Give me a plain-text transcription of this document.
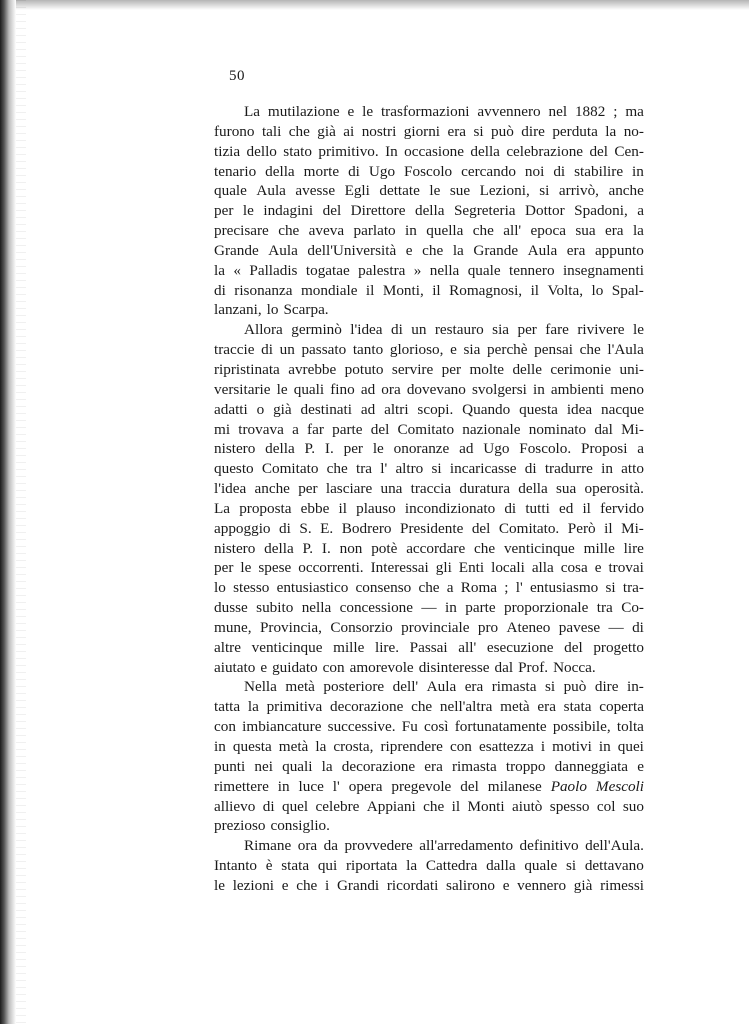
50
La mutilazione e le trasformazioni avvennero nel 1882 ; ma
furono tali che già ai nostri giorni era si può dire perduta la no-
tizia dello stato primitivo. In occasione della celebrazione del Cen-
tenario della morte di Ugo Foscolo cercando noi di stabilire in
quale Aula avesse Egli dettate le sue Lezioni, si arrivò, anche
per le indagini del Direttore della Segreteria Dottor Spadoni, a
precisare che aveva parlato in quella che all' epoca sua era la
Grande Aula dell'Università e che la Grande Aula era appunto
la « Palladis togatae palestra » nella quale tennero insegnamenti
di risonanza mondiale il Monti, il Romagnosi, il Volta, lo Spal-
lanzani, lo Scarpa.
Allora germinò l'idea di un restauro sia per fare rivivere le
traccie di un passato tanto glorioso, e sia perchè pensai che l'Aula
ripristinata avrebbe potuto servire per molte delle cerimonie uni-
versitarie le quali fino ad ora dovevano svolgersi in ambienti meno
adatti o già destinati ad altri scopi. Quando questa idea nacque
mi trovava a far parte del Comitato nazionale nominato dal Mi-
nistero della P. I. per le onoranze ad Ugo Foscolo. Proposi a
questo Comitato che tra l' altro si incaricasse di tradurre in atto
l'idea anche per lasciare una traccia duratura della sua operosità.
La proposta ebbe il plauso incondizionato di tutti ed il fervido
appoggio di S. E. Bodrero Presidente del Comitato. Però il Mi-
nistero della P. I. non potè accordare che venticinque mille lire
per le spese occorrenti. Interessai gli Enti locali alla cosa e trovai
lo stesso entusiastico consenso che a Roma ; l' entusiasmo si tra-
dusse subito nella concessione — in parte proporzionale tra Co-
mune, Provincia, Consorzio provinciale pro Ateneo pavese — di
altre venticinque mille lire. Passai all' esecuzione del progetto
aiutato e guidato con amorevole disinteresse dal Prof. Nocca.
Nella metà posteriore dell' Aula era rimasta si può dire in-
tatta la primitiva decorazione che nell'altra metà era stata coperta
con imbiancature successive. Fu così fortunatamente possibile, tolta
in questa metà la crosta, riprendere con esattezza i motivi in quei
punti nei quali la decorazione era rimasta troppo danneggiata e
rimettere in luce l' opera pregevole del milanese Paolo Mescoli
allievo di quel celebre Appiani che il Monti aiutò spesso col suo
prezioso consiglio.
Rimane ora da provvedere all'arredamento definitivo dell'Aula.
Intanto è stata qui riportata la Cattedra dalla quale si dettavano
le lezioni e che i Grandi ricordati salirono e vennero già rimessi
